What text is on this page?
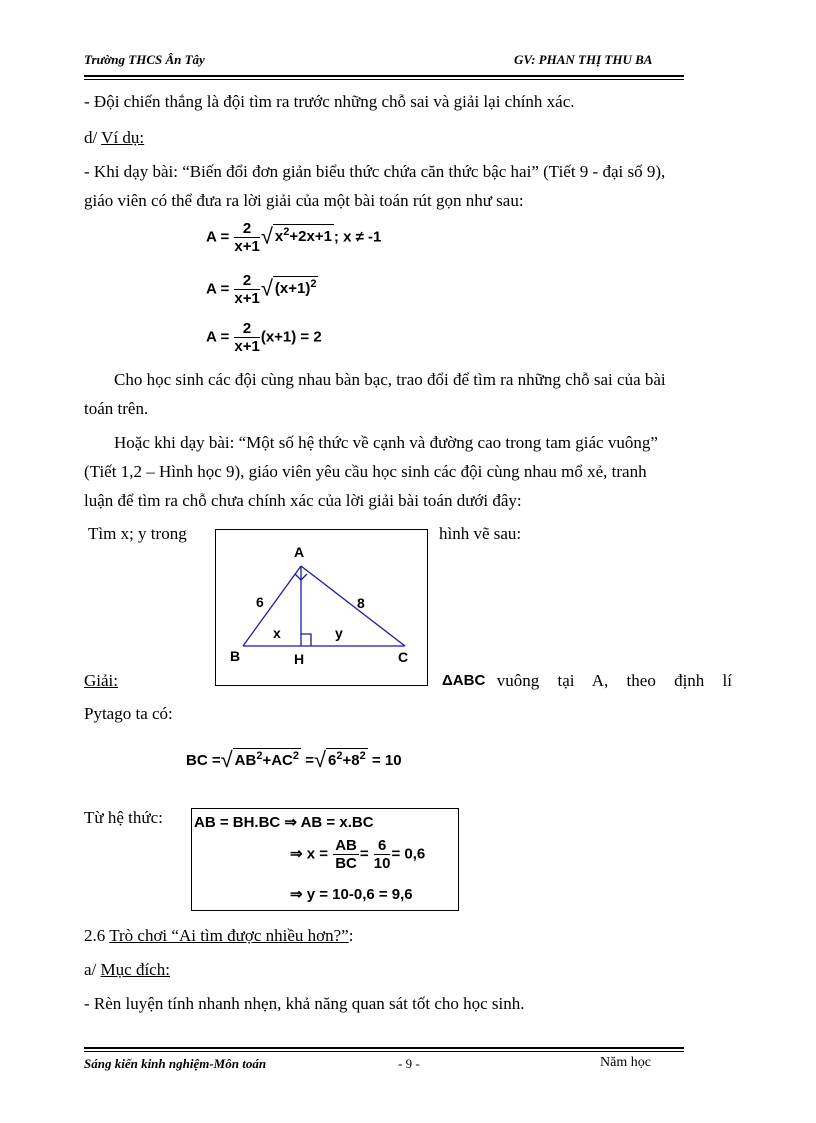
Trường THCS Ân Tây	GV: PHAN THỊ THU BA
- Đội chiến thắng là đội tìm ra trước những chỗ sai và giải lại chính xác.
d/ Ví dụ:
- Khi dạy bài: “Biến đổi đơn giản biểu thức chứa căn thức bậc hai” (Tiết 9 - đại số 9),
giáo viên có thể đưa ra lời giải của một bài toán rút gọn như sau:
$A = \frac{2}{x+1}$ √ $x^2+2x+1$ ; x ≠ -1
$A = \frac{2}{x+1}$ √ $(x+1)^2$
$A = \frac{2}{x+1} (x+1) = 2$
Cho học sinh các đội cùng nhau bàn bạc, trao đổi để tìm ra những chỗ sai của bài
toán trên.
Hoặc khi dạy bài: “Một số hệ thức về cạnh và đường cao trong tam giác vuông”
(Tiết 1,2 – Hình học 9), giáo viên yêu cầu học sinh các đội cùng nhau mổ xẻ, tranh
luận để tìm ra chỗ chưa chính xác của lời giải bài toán dưới đây:
Tìm x; y trong	hình vẽ sau:
A
B	C
H
6	8
x	y
Giải:	ΔABC vuông tại A, theo định lí
Pytago ta có:
BC =√ $AB^2+AC^2$ =√ $6^2+8^2 = 10$
Từ hệ thức: AB = BH.BC ⇒ AB = x.BC
⇒ $x = \frac{AB}{BC} = \frac{6}{10} = 0,6$
⇒ y = 10-0,6 = 9,6
2.6 Trò chơi “Ai tìm được nhiều hơn?”:
a/ Mục đích:
- Rèn luyện tính nhanh nhẹn, khả năng quan sát tốt cho học sinh.
Sáng kiến kinh nghiệm-Môn toán	- 9 -	Năm học
